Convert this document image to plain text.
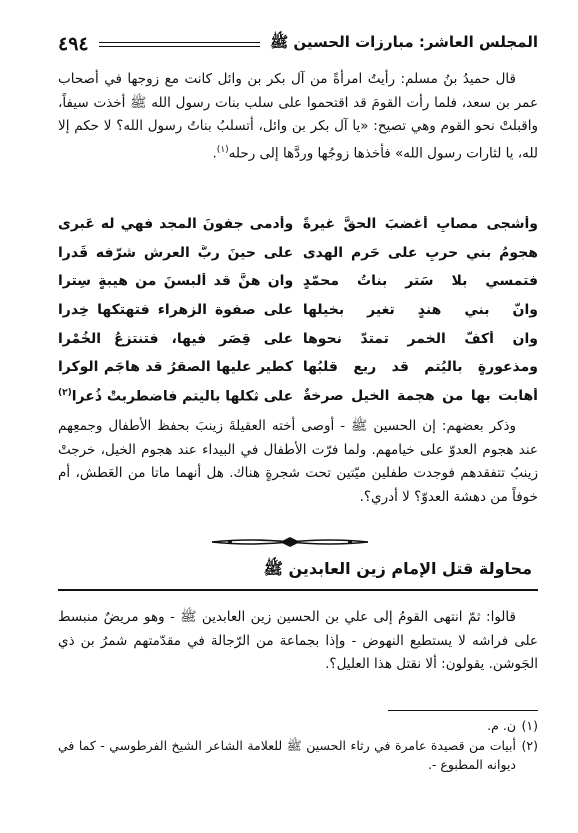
المجلس العاشر: مبارزات الحسين ﷺ
٤٩٤
قال حميدُ بنُ مسلم: رأيتُ امرأةً من آل بكر بن وائل كانت مع زوجها في أصحاب عمر بن سعد، فلما رأت القومَ قد اقتحموا على سلب بنات رسول الله ﷺ أخذت سيفاً، واقبلتْ نحو القوم وهي تصيح: «يا آل بكر بن وائل، أتسلبُ بناتُ رسول الله؟ لا حكم إلا لله، يا لثارات رسول الله» فأخذها زوجُها وردَّها إلى رحله$^{(١)}$.
وأشجى مصابٍ أغضبَ الحقَّ غيرةً
وأدمى جفونَ المجد فهي له عَبرى
هجومُ بني حربٍ على حَرم الهدى
على حينَ ربُّ العرش شرّفه قَدرا
فتمسي بلا سَترٍ بناتُ محمّدٍ
وان هنَّ قد ألبسنَ من هيبةٍ سِترا
وانّ بني هندٍ تغير بخيلها
على صفوة الزهراء فتهتكها خِدرا
وان أكفَّ الخمر تمتدّ نحوها
على قِصَرٍ فيها، فتنتزعُ الخُمْرا
ومذعورةٍ باليُتمِ قد ريع قلبُها
كطيرٍ عليها الصقرُ قد هاجَم الوكرا
أهابت بها من هجمة الخيل صرخةٌ
على ثكلها باليتم فاضطربتْ ذُعرا$^{(٢)}$
وذكر بعضهم: إن الحسين ﷺ - أوصى أخته العقيلةَ زينبَ بحفظ الأطفال وجمعِهم عند هجوم العدوّ على خيامهم. ولما فرّت الأطفال في البيداء عند هجوم الخيل، خرجتْ زينبُ تتفقدهم فوجدت طفلين ميّتين تحت شجرةٍ هناك. هل أنهما ماتا من العَطش، أم خوفاً من دهشة العدوّ؟ لا أدري؟.
محاولة قتل الإمام زين العابدين ﷺ
قالوا: ثمّ انتهى القومُ إلى علي بن الحسين زين العابدين ﷺ - وهو مريضٌ منبسط على فراشه لا يستطيع النهوض - وإذا بجماعة من الرّجالة في مقدّمتهم شمرُ بن ذي الجَوشن. يقولون: ألا نقتل هذا العليل؟.
(١)
ن. م.
(٢)
أبيات من قصيدة عامرة في رثاء الحسين ﷺ للعلامة الشاعر الشيخ الفرطوسي - كما في ديوانه المطبوع -.
